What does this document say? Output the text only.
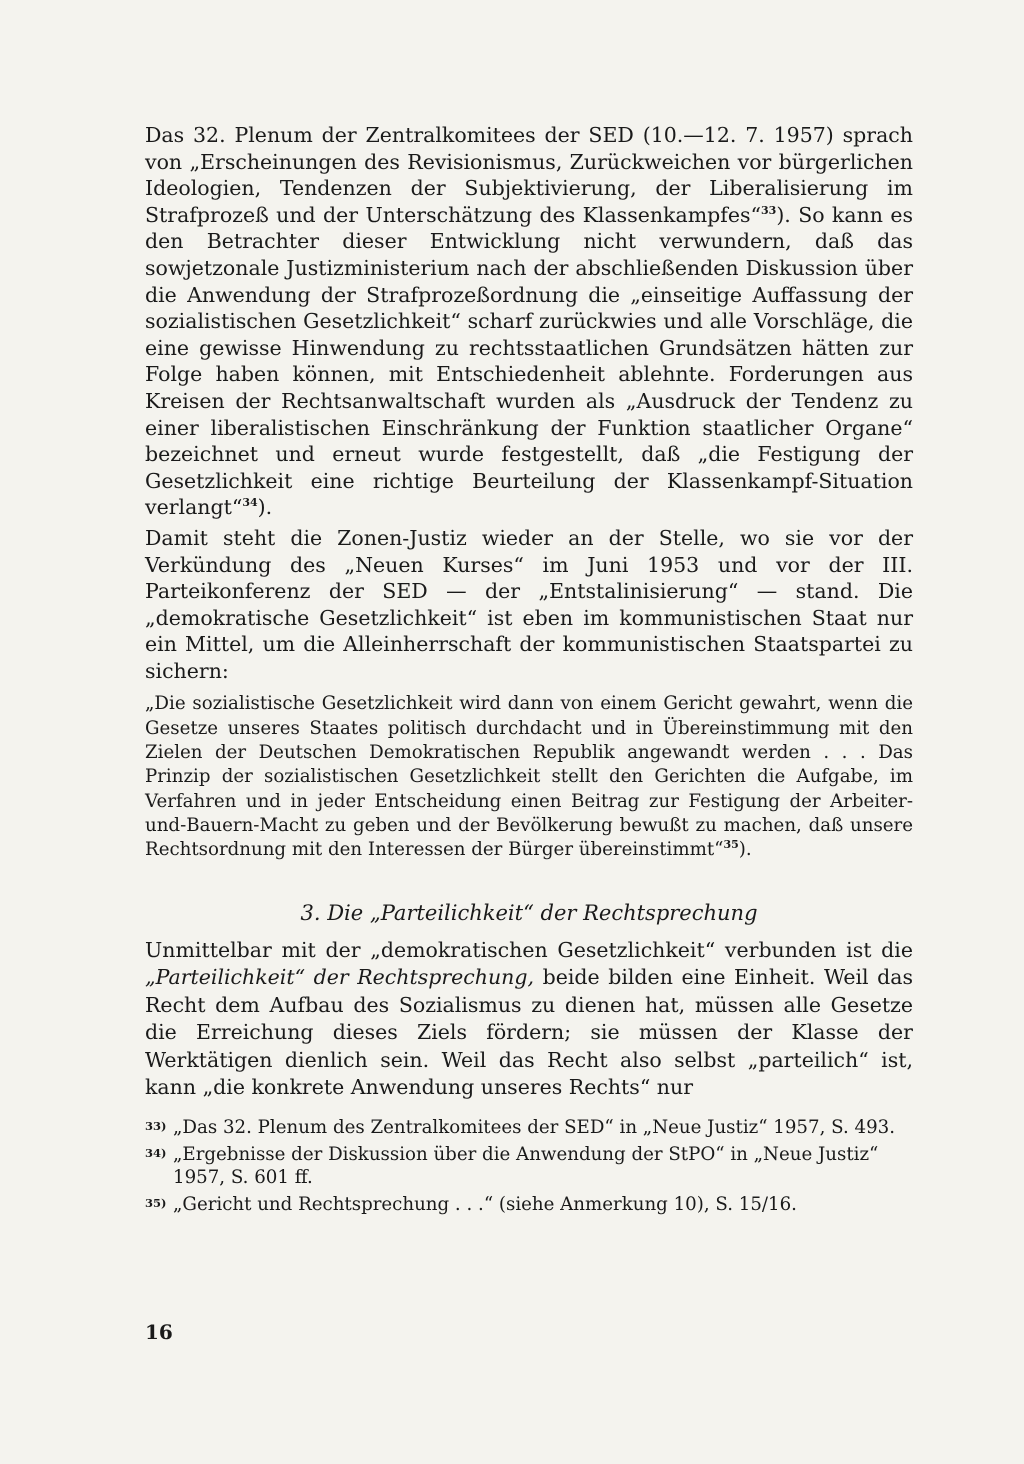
Das 32. Plenum der Zentralkomitees der SED (10.—12. 7. 1957) sprach von „Erscheinungen des Revisionismus, Zurückweichen vor bürgerlichen Ideologien, Tendenzen der Subjektivierung, der Liberalisierung im Strafprozeß und der Unterschätzung des Klassenkampfes“$^{33}$). So kann es den Betrachter dieser Entwicklung nicht verwundern, daß das sowjetzonale Justizministerium nach der abschließenden Diskussion über die Anwendung der Strafprozeßordnung die „einseitige Auffassung der sozialistischen Gesetzlichkeit“ scharf zurückwies und alle Vorschläge, die eine gewisse Hinwendung zu rechtsstaatlichen Grundsätzen hätten zur Folge haben können, mit Entschiedenheit ablehnte. Forderungen aus Kreisen der Rechtsanwaltschaft wurden als „Ausdruck der Tendenz zu einer liberalistischen Einschränkung der Funktion staatlicher Organe“ bezeichnet und erneut wurde festgestellt, daß „die Festigung der Gesetzlichkeit eine richtige Beurteilung der Klassenkampf-Situation verlangt“$^{34}$).

Damit steht die Zonen-Justiz wieder an der Stelle, wo sie vor der Verkündung des „Neuen Kurses“ im Juni 1953 und vor der III. Parteikonferenz der SED — der „Entstalinisierung“ — stand. Die „demokratische Gesetzlichkeit“ ist eben im kommunistischen Staat nur ein Mittel, um die Alleinherrschaft der kommunistischen Staatspartei zu sichern:

„Die sozialistische Gesetzlichkeit wird dann von einem Gericht gewahrt, wenn die Gesetze unseres Staates politisch durchdacht und in Übereinstimmung mit den Zielen der Deutschen Demokratischen Republik angewandt werden . . . Das Prinzip der sozialistischen Gesetzlichkeit stellt den Gerichten die Aufgabe, im Verfahren und in jeder Entscheidung einen Beitrag zur Festigung der Arbeiter-und-Bauern-Macht zu geben und der Bevölkerung bewußt zu machen, daß unsere Rechtsordnung mit den Interessen der Bürger übereinstimmt“$^{35}$).

3. Die „Parteilichkeit“ der Rechtsprechung

Unmittelbar mit der „demokratischen Gesetzlichkeit“ verbunden ist die „Parteilichkeit“ der Rechtsprechung, beide bilden eine Einheit. Weil das Recht dem Aufbau des Sozialismus zu dienen hat, müssen alle Gesetze die Erreichung dieses Ziels fördern; sie müssen der Klasse der Werktätigen dienlich sein. Weil das Recht also selbst „parteilich“ ist, kann „die konkrete Anwendung unseres Rechts“ nur

33) „Das 32. Plenum des Zentralkomitees der SED“ in „Neue Justiz“ 1957, S. 493.
34) „Ergebnisse der Diskussion über die Anwendung der StPO“ in „Neue Justiz“ 1957, S. 601 ff.
35) „Gericht und Rechtsprechung . . .“ (siehe Anmerkung 10), S. 15/16.
16
